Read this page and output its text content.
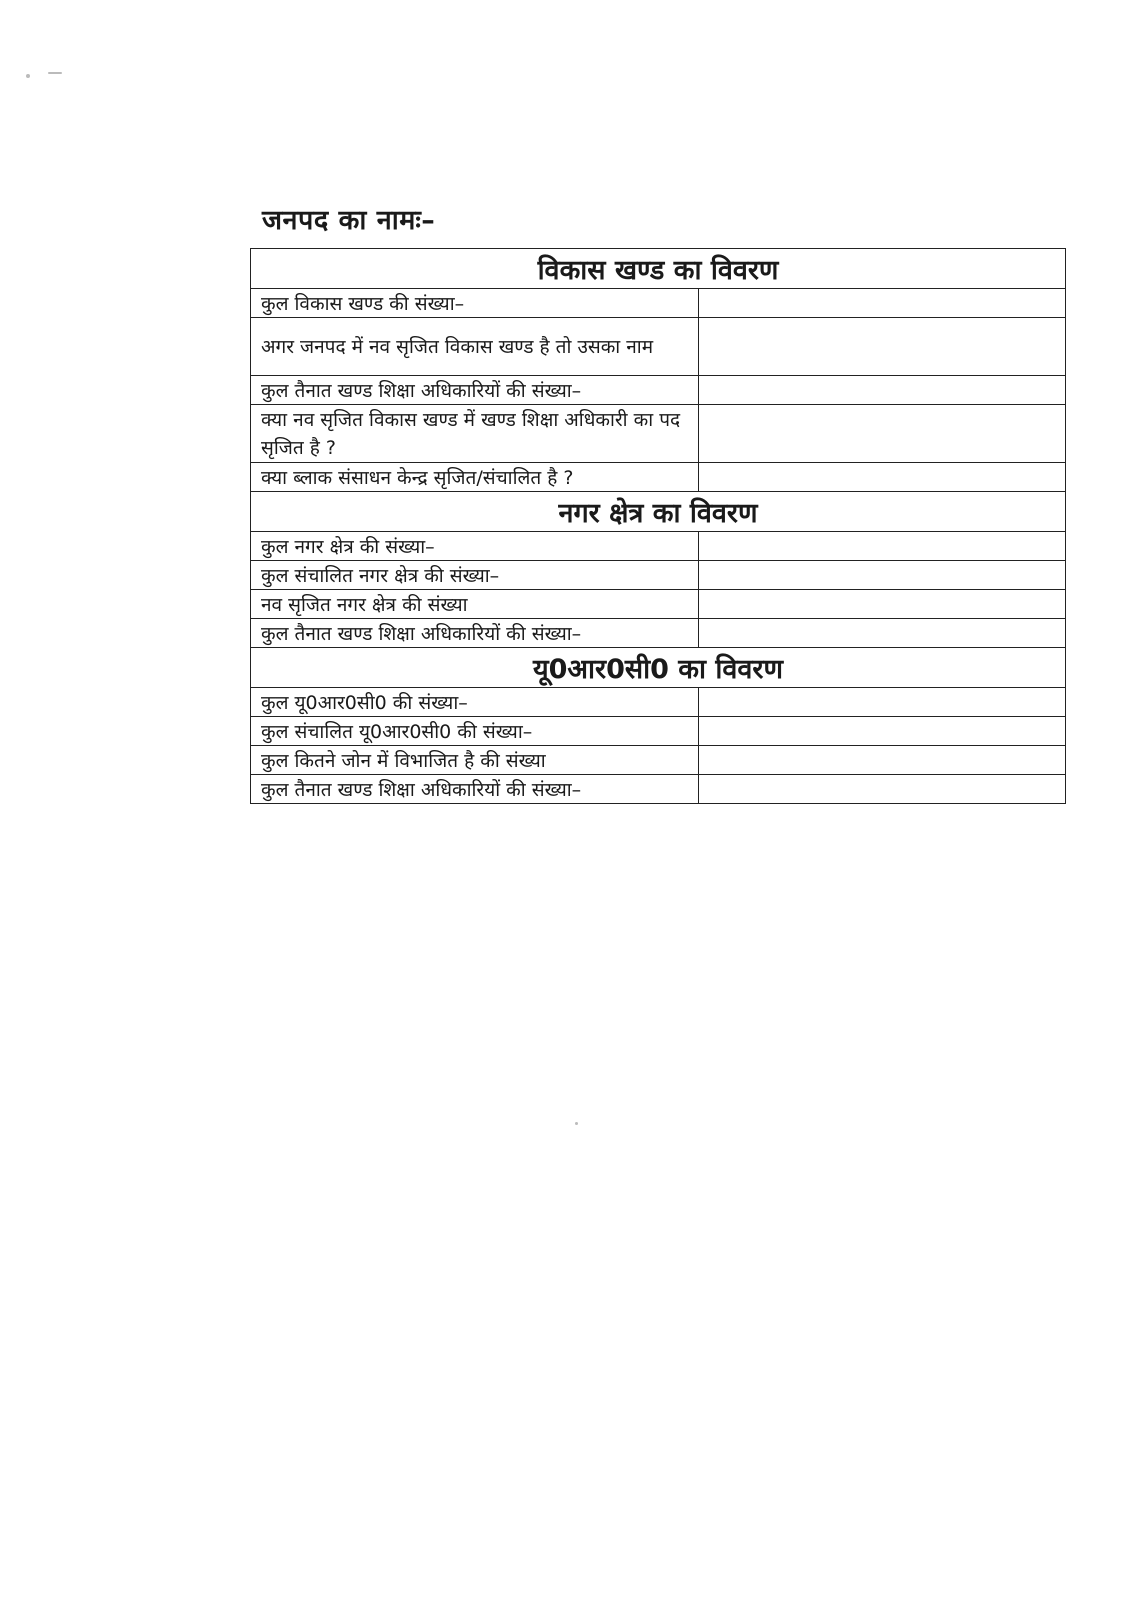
जनपद का नामः–
विकास खण्ड का विवरण	
कुल विकास खण्ड की संख्या–	
अगर जनपद में नव सृजित विकास खण्ड है तो उसका नाम	
कुल तैनात खण्ड शिक्षा अधिकारियों की संख्या–	
क्या नव सृजित विकास खण्ड में खण्ड शिक्षा अधिकारी का पद सृजित है ?	
क्या ब्लाक संसाधन केन्द्र सृजित/संचालित है ?	
नगर क्षेत्र का विवरण	
कुल नगर क्षेत्र की संख्या–	
कुल संचालित नगर क्षेत्र की संख्या–	
नव सृजित नगर क्षेत्र की संख्या	
कुल तैनात खण्ड शिक्षा अधिकारियों की संख्या–	
यू0आर0सी0 का विवरण	
कुल यू0आर0सी0 की संख्या–	
कुल संचालित यू0आर0सी0 की संख्या–	
कुल कितने जोन में विभाजित है की संख्या	
कुल तैनात खण्ड शिक्षा अधिकारियों की संख्या–	
